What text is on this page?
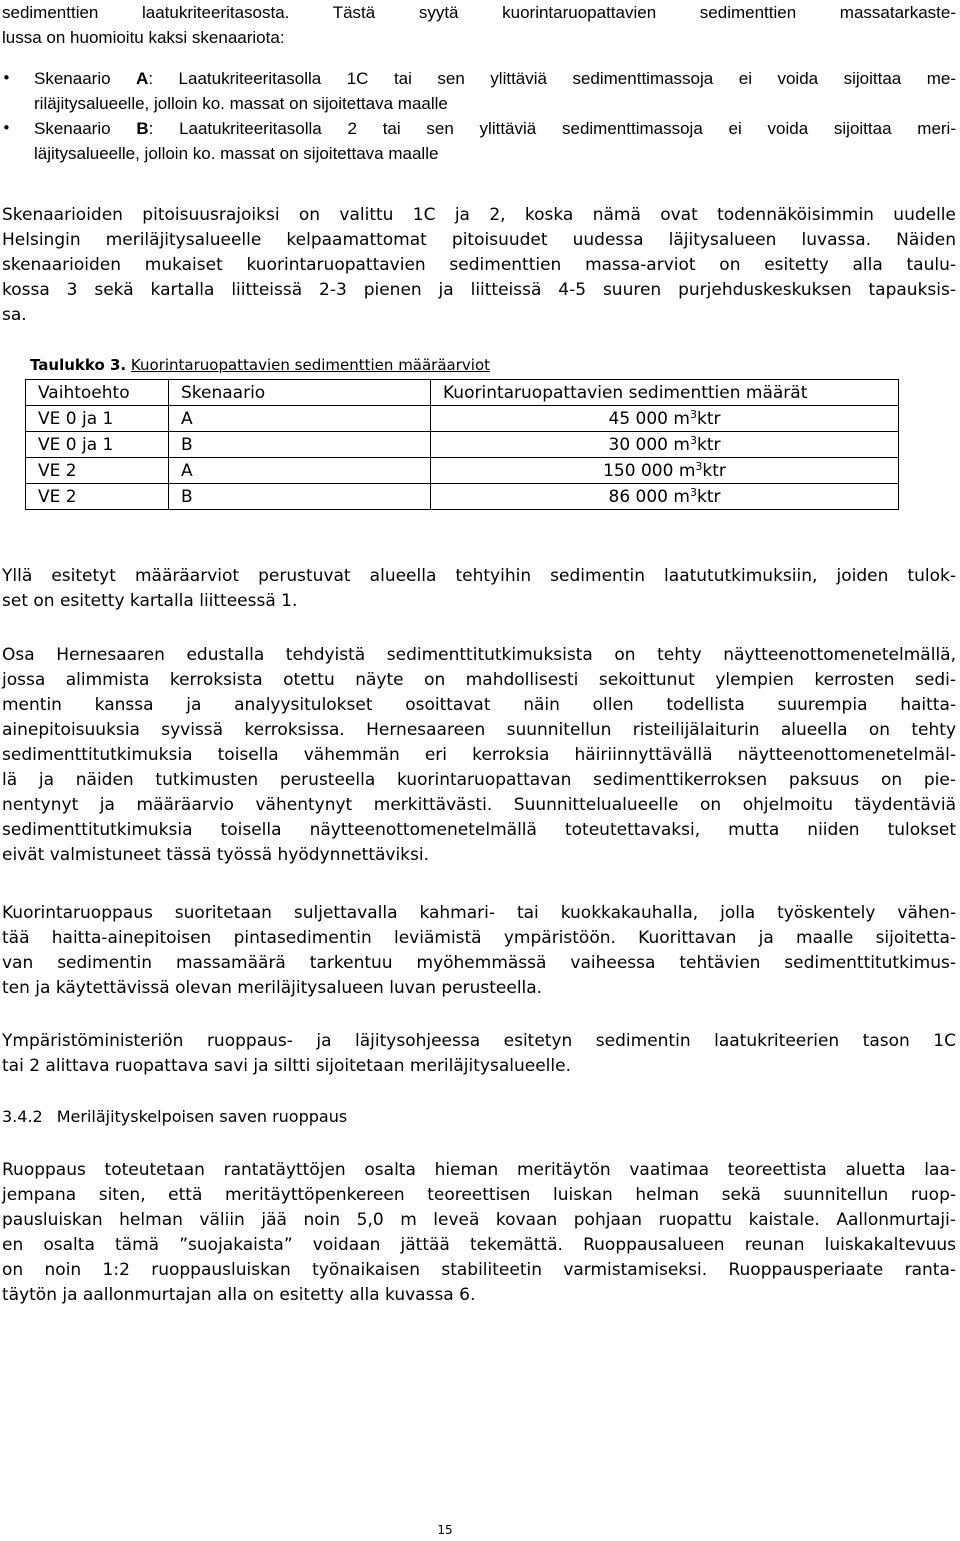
sedimenttien laatukriteeritasosta. Tästä syytä kuorintaruopattavien sedimenttien massatarkaste-
lussa on huomioitu kaksi skenaariota:

• Skenaario A: Laatukriteeritasolla 1C tai sen ylittäviä sedimenttimassoja ei voida sijoittaa me-
riläjitysalueelle, jolloin ko. massat on sijoitettava maalle
• Skenaario B: Laatukriteeritasolla 2 tai sen ylittäviä sedimenttimassoja ei voida sijoittaa meri-
läjitysalueelle, jolloin ko. massat on sijoitettava maalle

Skenaarioiden pitoisuusrajoiksi on valittu 1C ja 2, koska nämä ovat todennäköisimmin uudelle
Helsingin meriläjitysalueelle kelpaamattomat pitoisuudet uudessa läjitysalueen luvassa. Näiden
skenaarioiden mukaiset kuorintaruopattavien sedimenttien massa-arviot on esitetty alla taulu-
kossa 3 sekä kartalla liitteissä 2-3 pienen ja liitteissä 4-5 suuren purjehduskeskuksen tapauksis-
sa.

Taulukko 3. Kuorintaruopattavien sedimenttien määräarviot
Vaihtoehto	Skenaario	Kuorintaruopattavien sedimenttien määrät
VE 0 ja 1	A	45 000 $m^3ktr$
VE 0 ja 1	B	30 000 $m^3ktr$
VE 2	A	150 000 $m^3ktr$
VE 2	B	86 000 $m^3ktr$

Yllä esitetyt määräarviot perustuvat alueella tehtyihin sedimentin laatututkimuksiin, joiden tulok-
set on esitetty kartalla liitteessä 1.

Osa Hernesaaren edustalla tehdyistä sedimenttitutkimuksista on tehty näytteenottomenetelmällä,
jossa alimmista kerroksista otettu näyte on mahdollisesti sekoittunut ylempien kerrosten sedi-
mentin kanssa ja analyysitulokset osoittavat näin ollen todellista suurempia haitta-
ainepitoisuuksia syvissä kerroksissa. Hernesaareen suunnitellun risteilijälaiturin alueella on tehty
sedimenttitutkimuksia toisella vähemmän eri kerroksia häiriinnyttävällä näytteenottomenetelmäl-
lä ja näiden tutkimusten perusteella kuorintaruopattavan sedimenttikerroksen paksuus on pie-
nentynyt ja määräarvio vähentynyt merkittävästi. Suunnittelualueelle on ohjelmoitu täydentäviä
sedimenttitutkimuksia toisella näytteenottomenetelmällä toteutettavaksi, mutta niiden tulokset
eivät valmistuneet tässä työssä hyödynnettäviksi.

Kuorintaruoppaus suoritetaan suljettavalla kahmari- tai kuokkakauhalla, jolla työskentely vähen-
tää haitta-ainepitoisen pintasedimentin leviämistä ympäristöön. Kuorittavan ja maalle sijoitetta-
van sedimentin massamäärä tarkentuu myöhemmässä vaiheessa tehtävien sedimenttitutkimus-
ten ja käytettävissä olevan meriläjitysalueen luvan perusteella.

Ympäristöministeriön ruoppaus- ja läjitysohjeessa esitetyn sedimentin laatukriteerien tason 1C
tai 2 alittava ruopattava savi ja siltti sijoitetaan meriläjitysalueelle.

3.4.2 Meriläjityskelpoisen saven ruoppaus

Ruoppaus toteutetaan rantatäyttöjen osalta hieman meritäytön vaatimaa teoreettista aluetta laa-
jempana siten, että meritäyttöpenkereen teoreettisen luiskan helman sekä suunnitellun ruop-
pausluiskan helman väliin jää noin 5,0 m leveä kovaan pohjaan ruopattu kaistale. Aallonmurtaji-
en osalta tämä ”suojakaista” voidaan jättää tekemättä. Ruoppausalueen reunan luiskakaltevuus
on noin 1:2 ruoppausluiskan työnaikaisen stabiliteetin varmistamiseksi. Ruoppausperiaate ranta-
täytön ja aallonmurtajan alla on esitetty alla kuvassa 6.

15
